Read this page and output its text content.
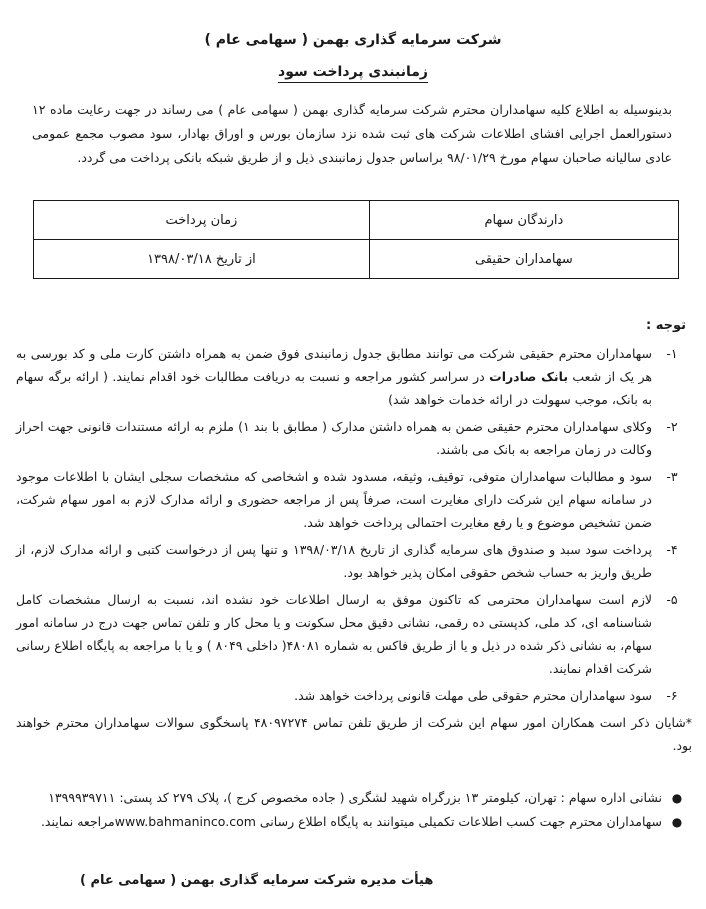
شرکت سرمایه گذاری بهمن ( سهامی عام )
زمانبندی پرداخت سود
بدینوسیله به اطلاع کلیه سهامداران محترم شرکت سرمایه گذاری بهمن ( سهامی عام ) می رساند در جهت رعایت ماده ۱۲ دستورالعمل اجرایی افشای اطلاعات شرکت های ثبت شده نزد سازمان بورس و اوراق بهادار، سود مصوب مجمع عمومی عادی سالیانه صاحبان سهام مورخ ۹۸/۰۱/۲۹ براساس جدول زمانبندی ذیل و از طریق شبکه بانکی پرداخت می گردد.
دارندگان سهام	زمان پرداخت
سهامداران حقیقی	از تاریخ ۱۳۹۸/۰۳/۱۸
توجه :
۱-
سهامداران محترم حقیقی شرکت می توانند مطابق جدول زمانبندی فوق ضمن به همراه داشتن کارت ملی و کد بورسی به هر یک از شعب بانک صادرات در سراسر کشور مراجعه و نسبت به دریافت مطالبات خود اقدام نمایند. ( ارائه برگه سهام به بانک، موجب سهولت در ارائه خدمات خواهد شد)
۲-
وکلای سهامداران محترم حقیقی ضمن به همراه داشتن مدارک ( مطابق با بند ۱) ملزم به ارائه مستندات قانونی جهت احراز وکالت در زمان مراجعه به بانک می باشند.
۳-
سود و مطالبات سهامداران متوفی، توقیف، وثیقه، مسدود شده و اشخاصی که مشخصات سجلی ایشان با اطلاعات موجود در سامانه سهام این شرکت دارای مغایرت است، صرفاً پس از مراجعه حضوری و ارائه مدارک لازم به امور سهام شرکت، ضمن تشخیص موضوع و یا رفع مغایرت احتمالی پرداخت خواهد شد.
۴-
پرداخت سود سبد و صندوق های سرمایه گذاری از تاریخ ۱۳۹۸/۰۳/۱۸ و تنها پس از درخواست کتبی و ارائه مدارک لازم، از طریق واریز به حساب شخص حقوقی امکان پذیر خواهد بود.
۵-
لازم است سهامداران محترمی که تاکنون موفق به ارسال اطلاعات خود نشده اند، نسبت به ارسال مشخصات کامل شناسنامه ای، کد ملی، کدپستی ده رقمی، نشانی دقیق محل سکونت و یا محل کار و تلفن تماس جهت درج در سامانه امور سهام، به نشانی ذکر شده در ذیل و یا از طریق فاکس به شماره ۴۸۰۸۱( داخلی ۸۰۴۹ ) و یا با مراجعه به پایگاه اطلاع رسانی شرکت اقدام نمایند.
۶-
سود سهامداران محترم حقوقی طی مهلت قانونی پرداخت خواهد شد.
*شایان ذکر است همکاران امور سهام این شرکت از طریق تلفن تماس ۴۸۰۹۷۲۷۴ پاسخگوی سوالات سهامداران محترم خواهند بود.
●
نشانی اداره سهام : تهران، کیلومتر ۱۳ بزرگراه شهید لشگری ( جاده مخصوص کرج )، پلاک ۲۷۹ کد پستی: ۱۳۹۹۹۳۹۷۱۱
●
سهامداران محترم جهت کسب اطلاعات تکمیلی میتوانند به پایگاه اطلاع رسانی www.bahmaninco.comمراجعه نمایند.
هیأت مدیره شرکت سرمایه گذاری بهمن ( سهامی عام )
